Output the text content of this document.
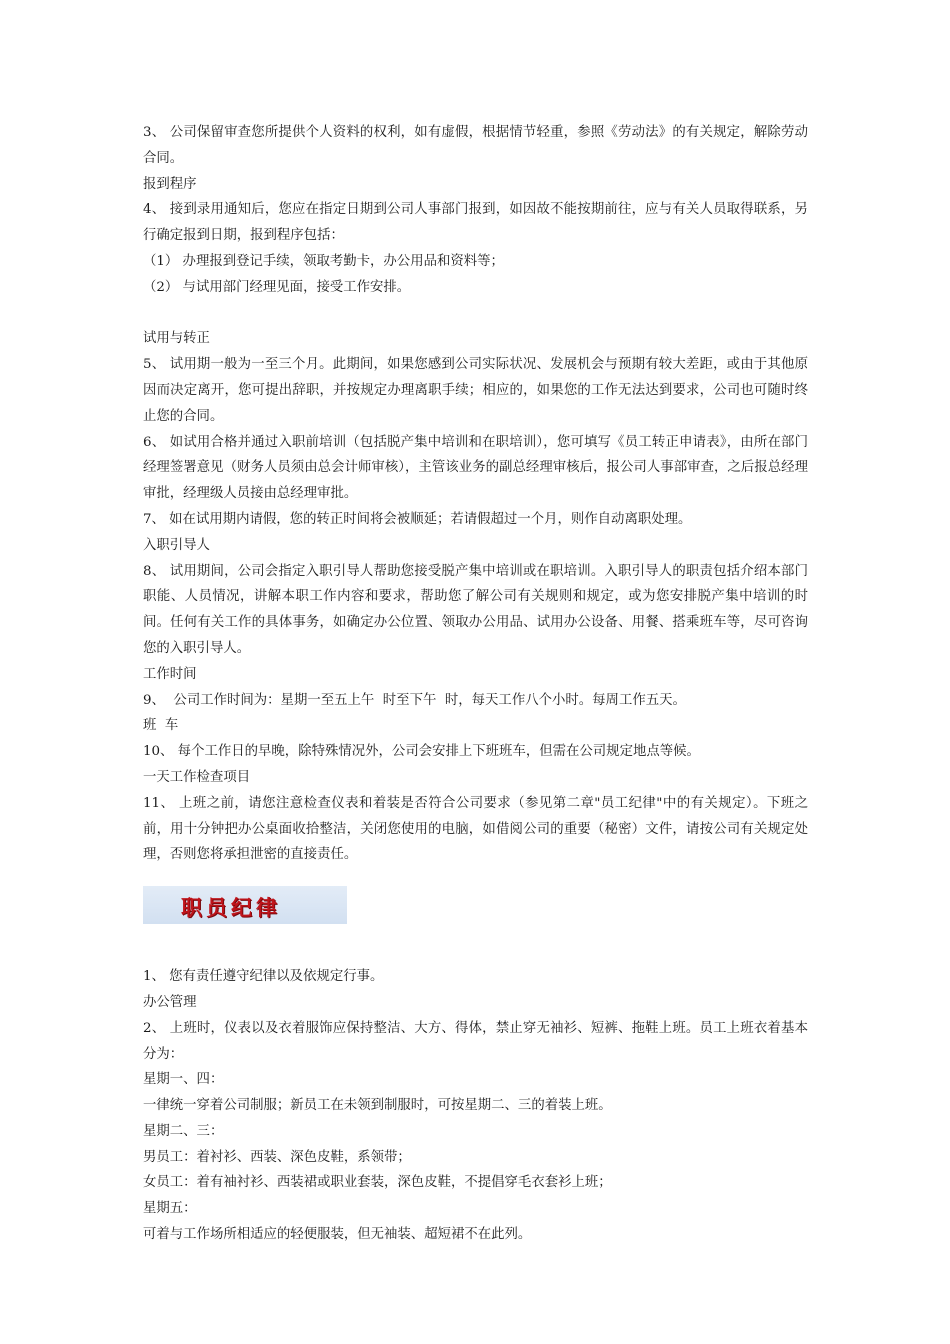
3、 公司保留审查您所提供个人资料的权利，如有虚假，根据情节轻重，参照《劳动法》的有关规定，解除劳动合同。
报到程序
4、 接到录用通知后，您应在指定日期到公司人事部门报到，如因故不能按期前往，应与有关人员取得联系，另行确定报到日期，报到程序包括：
（1） 办理报到登记手续，领取考勤卡，办公用品和资料等；
（2） 与试用部门经理见面，接受工作安排。
试用与转正
5、 试用期一般为一至三个月。此期间，如果您感到公司实际状况、发展机会与预期有较大差距，或由于其他原因而决定离开，您可提出辞职，并按规定办理离职手续；相应的，如果您的工作无法达到要求，公司也可随时终止您的合同。
6、 如试用合格并通过入职前培训（包括脱产集中培训和在职培训），您可填写《员工转正申请表》，由所在部门经理签署意见（财务人员须由总会计师审核），主管该业务的副总经理审核后，报公司人事部审查，之后报总经理审批，经理级人员接由总经理审批。
7、 如在试用期内请假，您的转正时间将会被顺延；若请假超过一个月，则作自动离职处理。
入职引导人
8、 试用期间，公司会指定入职引导人帮助您接受脱产集中培训或在职培训。入职引导人的职责包括介绍本部门职能、人员情况，讲解本职工作内容和要求，帮助您了解公司有关规则和规定，或为您安排脱产集中培训的时间。任何有关工作的具体事务，如确定办公位置、领取办公用品、试用办公设备、用餐、搭乘班车等，尽可咨询您的入职引导人。
工作时间
9、  公司工作时间为：星期一至五上午  时至下午  时，每天工作八个小时。每周工作五天。
班  车
10、 每个工作日的早晚，除特殊情况外，公司会安排上下班班车，但需在公司规定地点等候。
一天工作检查项目
11、 上班之前，请您注意检查仪表和着装是否符合公司要求（参见第二章"员工纪律"中的有关规定）。下班之前，用十分钟把办公桌面收拾整洁，关闭您使用的电脑，如借阅公司的重要（秘密）文件，请按公司有关规定处理，否则您将承担泄密的直接责任。
职员纪律
1、 您有责任遵守纪律以及依规定行事。
办公管理
2、 上班时，仪表以及衣着服饰应保持整洁、大方、得体，禁止穿无袖衫、短裤、拖鞋上班。员工上班衣着基本分为：
星期一、四：
一律统一穿着公司制服；新员工在未领到制服时，可按星期二、三的着装上班。
星期二、三：
男员工：着衬衫、西装、深色皮鞋，系领带；
女员工：着有袖衬衫、西装裙或职业套装，深色皮鞋，不提倡穿毛衣套衫上班；
星期五：
可着与工作场所相适应的轻便服装，但无袖装、超短裙不在此列。
